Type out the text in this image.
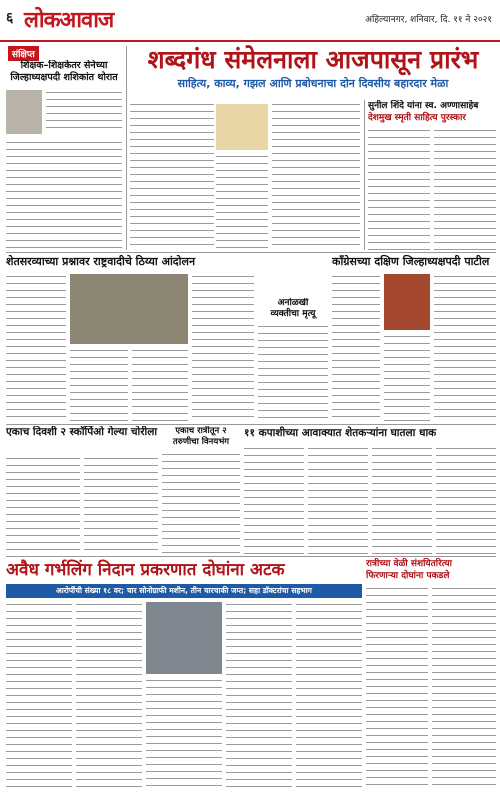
६ लोकआवाज	अहिल्यानगर, शनिवार, दि. ११ ने २०२१
संक्षिप्त
शिक्षक–शिक्षकेतर सेनेच्या जिल्हाध्यक्षपदी शशिकांत थोरात
शब्दगंध संमेलनाला आजपासून प्रारंभ
साहित्य, काव्य, गझल आणि प्रबोधनाचा दोन दिवसीय बहारदार मेळा
सुनील शिंदे यांना स्व. अण्णासाहेब
देशमुख स्मृती साहित्य पुरस्कार
शेतसरव्याच्या प्रश्नावर राष्ट्रवादीचे ठिय्या आंदोलन
अनोळखी
व्यक्तीचा मृत्यू
काँग्रेसच्या दक्षिण जिल्हाध्यक्षपदी पाटील
एकाच दिवशी २ स्कॉर्पिओ गेल्या चोरीला	एकाच रात्रीतून २
तरुणीचा विनयभंग
११ कपाशीच्या आवाक्यात शेतकऱ्यांना घातला धाक
अवैध गर्भलिंग निदान प्रकरणात दोघांना अटक
आरोपींची संख्या १८ वर; चार सोनोग्राफी मशीन, तीन चारचाकी जप्त; सहा डॉक्टरांचा सहभाग
रात्रीच्या वेळी संशयितरित्या
फिरणाऱ्या दोघांना पकडले
